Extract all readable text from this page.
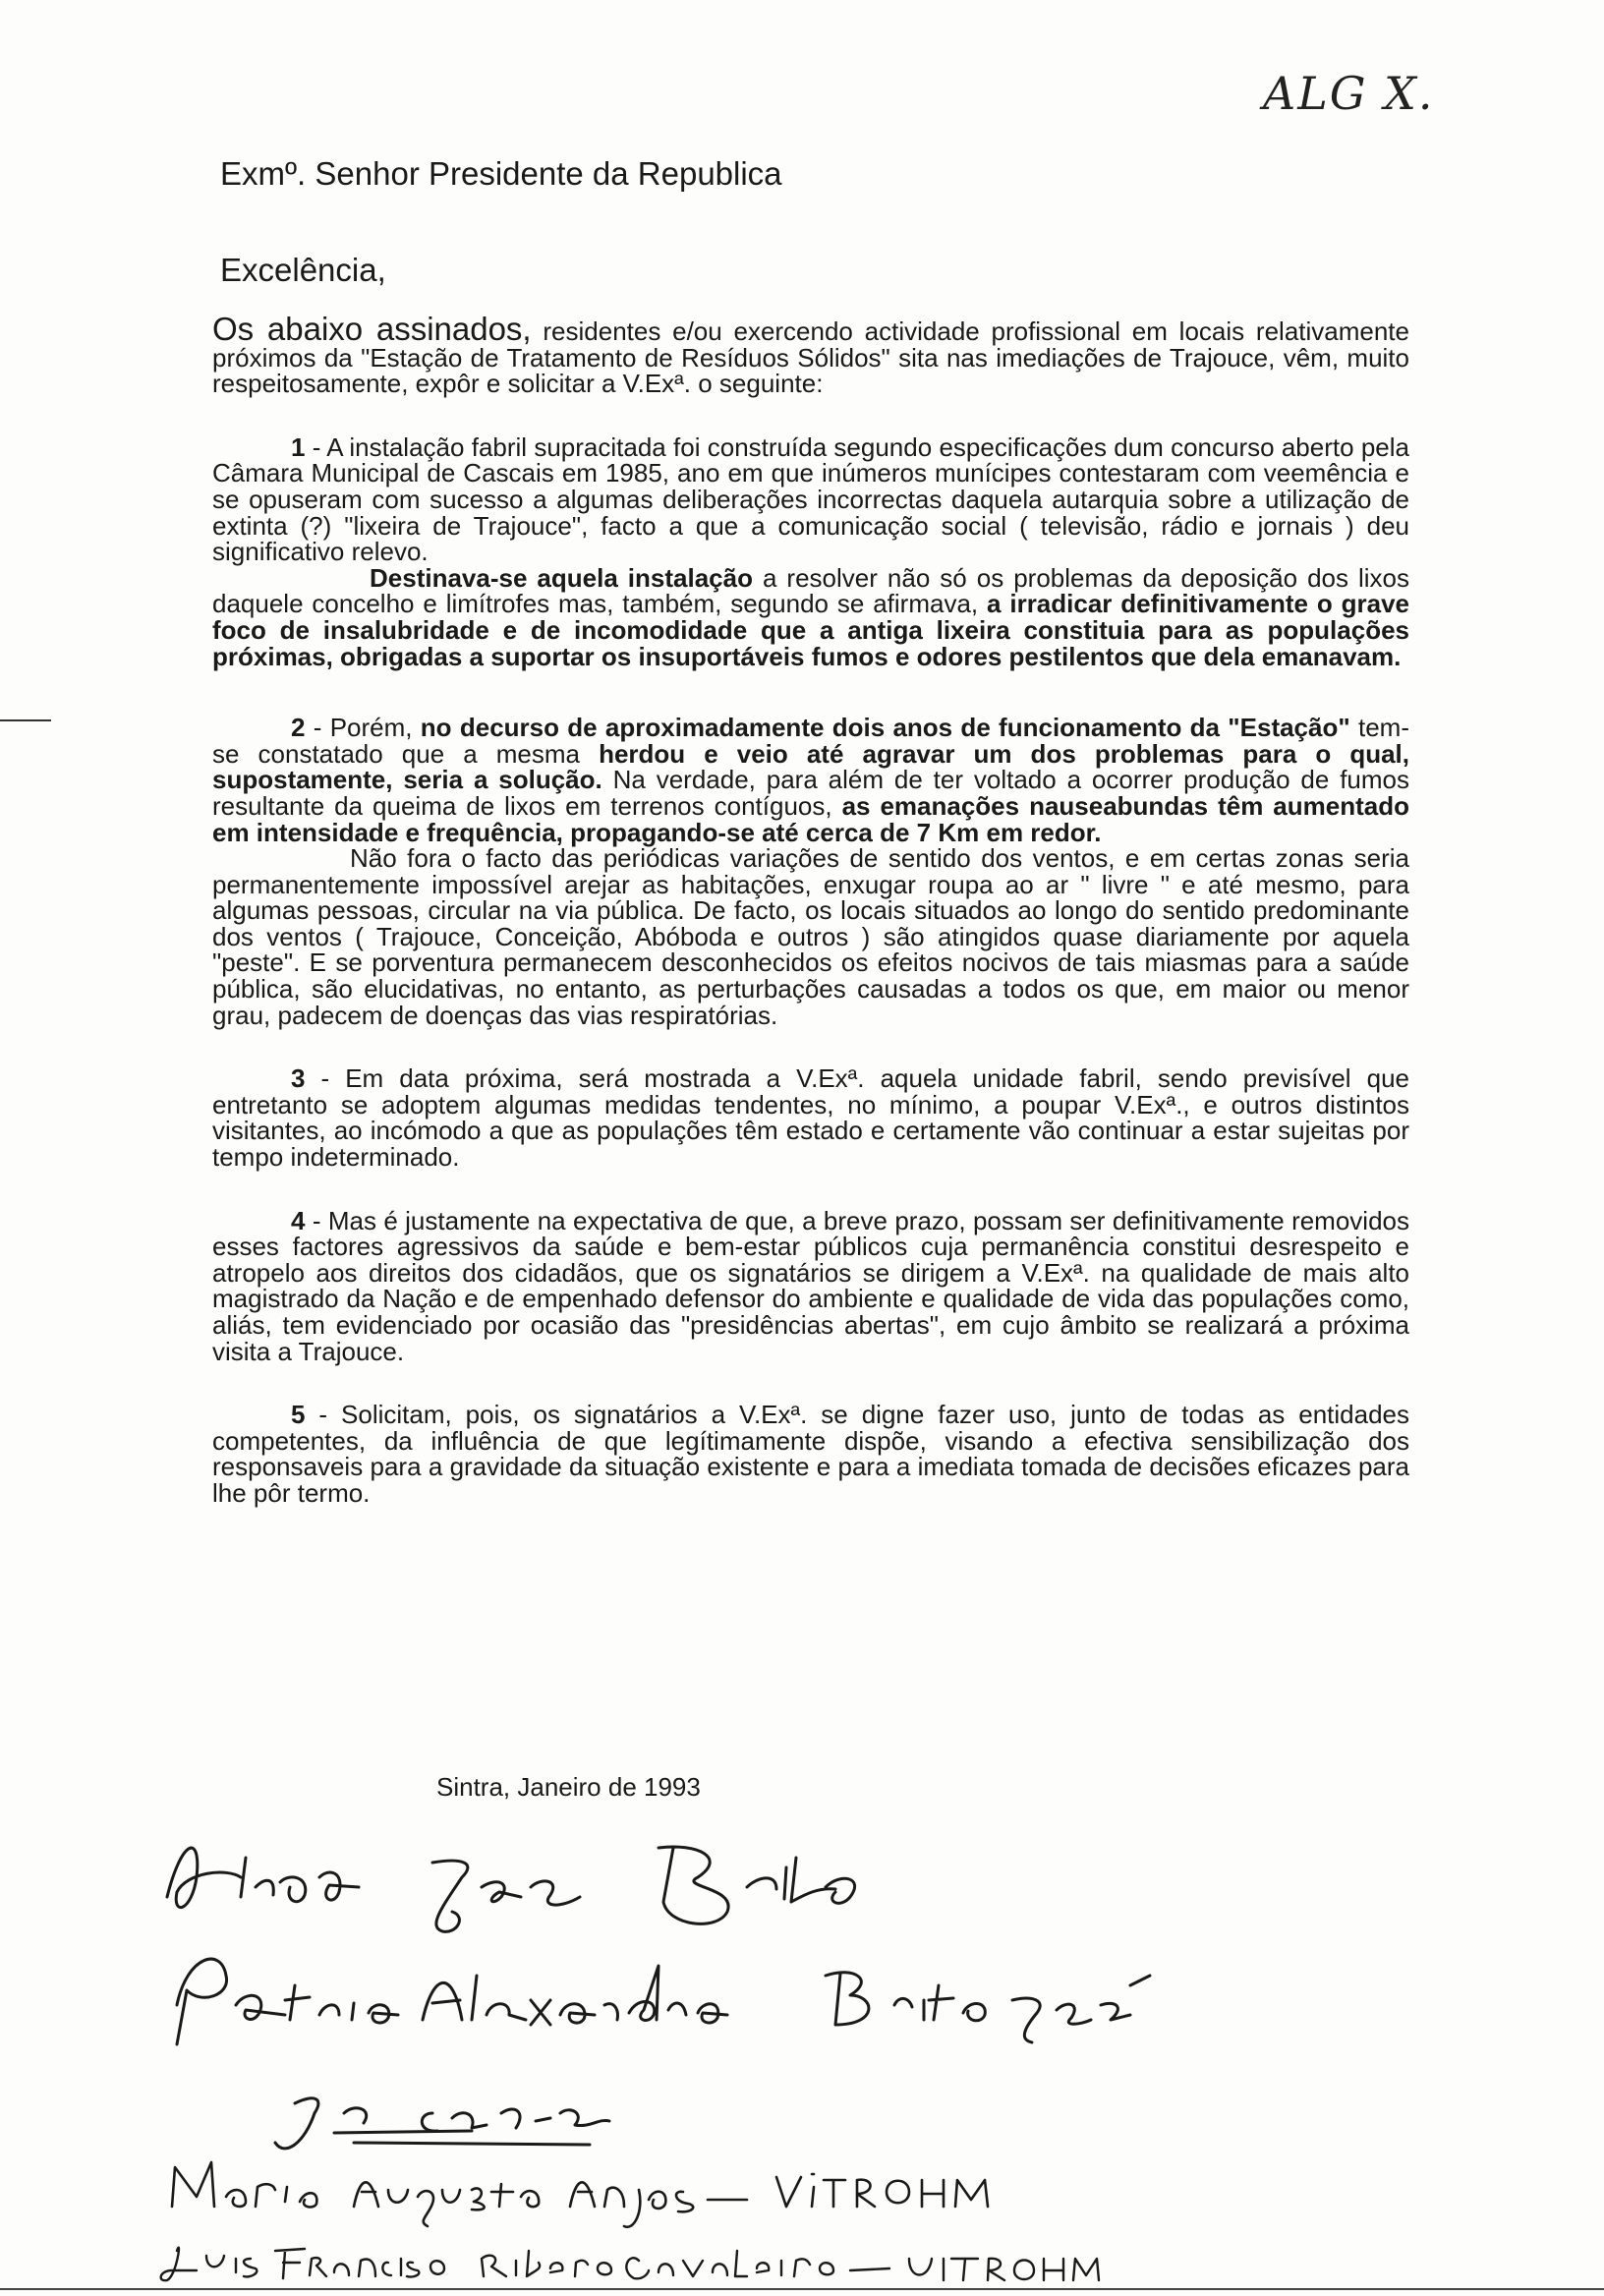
ALG X.
Exmº. Senhor Presidente da Republica
Excelência,

Os abaixo assinados, residentes e/ou exercendo actividade profissional em locais relativamente próximos da "Estação de Tratamento de Resíduos Sólidos" sita nas imediações de Trajouce, vêm, muito respeitosamente, expôr e solicitar a V.Exª. o seguinte:

1 - A instalação fabril supracitada foi construída segundo especificações dum concurso aberto pela Câmara Municipal de Cascais em 1985, ano em que inúmeros munícipes contestaram com veemência e se opuseram com sucesso a algumas deliberações incorrectas daquela autarquia sobre a utilização de extinta (?) "lixeira de Trajouce", facto a que a comunicação social ( televisão, rádio e jornais ) deu significativo relevo.

Destinava-se aquela instalação a resolver não só os problemas da deposição dos lixos daquele concelho e limítrofes mas, também, segundo se afirmava, a irradicar definitivamente o grave foco de insalubridade e de incomodidade que a antiga lixeira constituia para as populações próximas, obrigadas a suportar os insuportáveis fumos e odores pestilentos que dela emanavam.

2 - Porém, no decurso de aproximadamente dois anos de funcionamento da "Estação" tem-se constatado que a mesma herdou e veio até agravar um dos problemas para o qual, supostamente, seria a solução. Na verdade, para além de ter voltado a ocorrer produção de fumos resultante da queima de lixos em terrenos contíguos, as emanações nauseabundas têm aumentado em intensidade e frequência, propagando-se até cerca de 7 Km em redor.

Não fora o facto das periódicas variações de sentido dos ventos, e em certas zonas seria permanentemente impossível arejar as habitações, enxugar roupa ao ar " livre " e até mesmo, para algumas pessoas, circular na via pública. De facto, os locais situados ao longo do sentido predominante dos ventos ( Trajouce, Conceição, Abóboda e outros ) são atingidos quase diariamente por aquela "peste". E se porventura permanecem desconhecidos os efeitos nocivos de tais miasmas para a saúde pública, são elucidativas, no entanto, as perturbações causadas a todos os que, em maior ou menor grau, padecem de doenças das vias respiratórias.

3 - Em data próxima, será mostrada a V.Exª. aquela unidade fabril, sendo previsível que entretanto se adoptem algumas medidas tendentes, no mínimo, a poupar V.Exª., e outros distintos visitantes, ao incómodo a que as populações têm estado e certamente vão continuar a estar sujeitas por tempo indeterminado.

4 - Mas é justamente na expectativa de que, a breve prazo, possam ser definitivamente removidos esses factores agressivos da saúde e bem-estar públicos cuja permanência constitui desrespeito e atropelo aos direitos dos cidadãos, que os signatários se dirigem a V.Exª. na qualidade de mais alto magistrado da Nação e de empenhado defensor do ambiente e qualidade de vida das populações como, aliás, tem evidenciado por ocasião das "presidências abertas", em cujo âmbito se realizará a próxima visita a Trajouce.

5 - Solicitam, pois, os signatários a V.Exª. se digne fazer uso, junto de todas as entidades competentes, da influência de que legítimamente dispõe, visando a efectiva sensibilização dos responsaveis para a gravidade da situação existente e para a imediata tomada de decisões eficazes para lhe pôr termo.

Sintra, Janeiro de 1993
